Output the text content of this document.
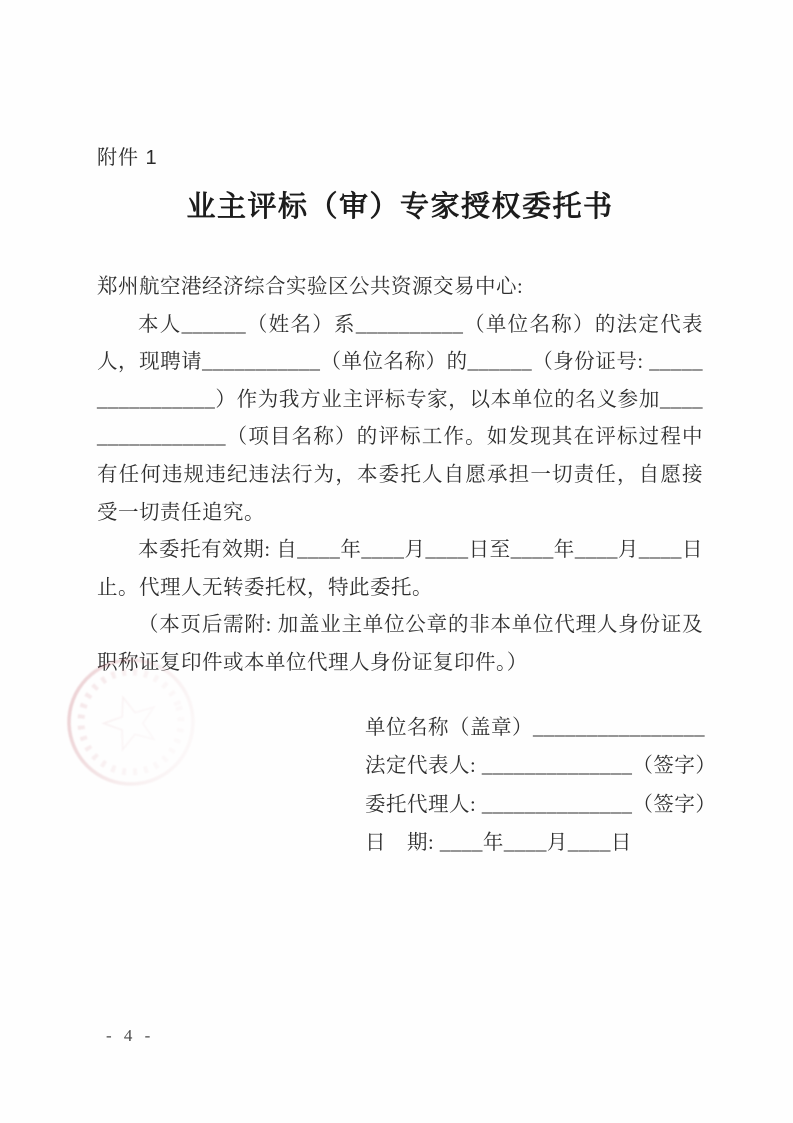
附件 1
业主评标（审）专家授权委托书

郑州航空港经济综合实验区公共资源交易中心:

本人______（姓名）系__________（单位名称）的法定代表人，现聘请___________（单位名称）的______（身份证号: ________________）作为我方业主评标专家，以本单位的名义参加________________（项目名称）的评标工作。如发现其在评标过程中有任何违规违纪违法行为，本委托人自愿承担一切责任，自愿接受一切责任追究。

本委托有效期: 自____年____月____日至____年____月____日止。代理人无转委托权，特此委托。

（本页后需附: 加盖业主单位公章的非本单位代理人身份证及职称证复印件或本单位代理人身份证复印件。）

单位名称（盖章）________________
法定代表人: ______________（签字）
委托代理人: ______________（签字）
日　期: ____年____月____日
- 4 -
